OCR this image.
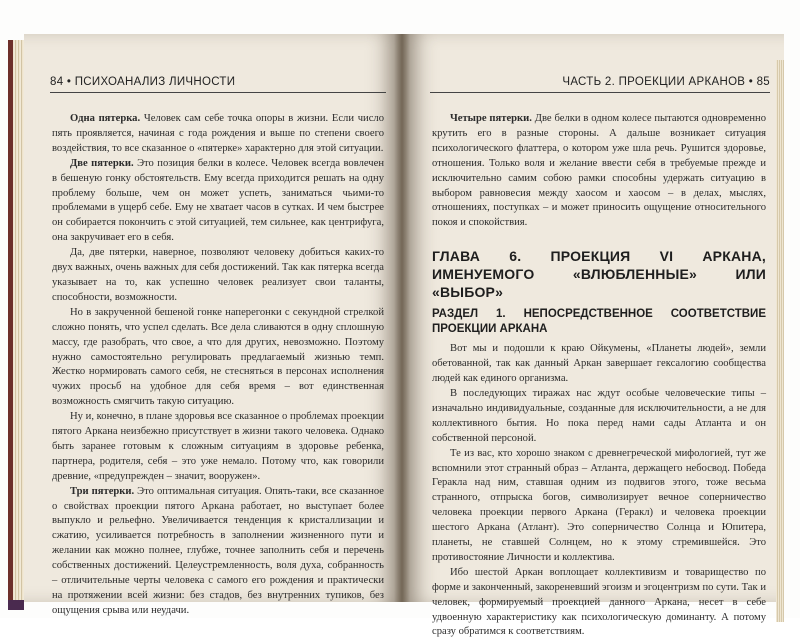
84 • ПСИХОАНАЛИЗ ЛИЧНОСТИ

Одна пятерка. Человек сам себе точка опоры в жизни. Если число пять проявляется, начиная с года рождения и выше по степени своего воздействия, то все сказанное о «пятерке» характерно для этой ситуации.

Две пятерки. Это позиция белки в колесе. Человек всегда вовлечен в бешеную гонку обстоятельств. Ему всегда приходится решать на одну проблему больше, чем он может успеть, заниматься чьими-то проблемами в ущерб себе. Ему не хватает часов в сутках. И чем быстрее он собирается покончить с этой ситуацией, тем сильнее, как центрифуга, она закручивает его в себя.

Да, две пятерки, наверное, позволяют человеку добиться каких-то двух важных, очень важных для себя достижений. Так как пятерка всегда указывает на то, как успешно человек реализует свои таланты, способности, возможности.

Но в закрученной бешеной гонке наперегонки с секундной стрелкой сложно понять, что успел сделать. Все дела сливаются в одну сплошную массу, где разобрать, что свое, а что для других, невозможно. Поэтому нужно самостоятельно регулировать предлагаемый жизнью темп. Жестко нормировать самого себя, не стесняться в персонах исполнения чужих просьб на удобное для себя время – вот единственная возможность смягчить такую ситуацию.

Ну и, конечно, в плане здоровья все сказанное о проблемах проекции пятого Аркана неизбежно присутствует в жизни такого человека. Однако быть заранее готовым к сложным ситуациям в здоровье ребенка, партнера, родителя, себя – это уже немало. Потому что, как говорили древние, «предупрежден – значит, вооружен».

Три пятерки. Это оптимальная ситуация. Опять-таки, все сказанное о свойствах проекции пятого Аркана работает, но выступает более выпукло и рельефно. Увеличивается тенденция к кристаллизации и сжатию, усиливается потребность в заполнении жизненного пути и желании как можно полнее, глубже, точнее заполнить себя и перечень собственных достижений. Целеустремленность, воля духа, собранность – отличительные черты человека с самого его рождения и практически на протяжении всей жизни: без стадов, без внутренних тупиков, без ощущения срыва или неудачи.

ЧАСТЬ 2. ПРОЕКЦИИ АРКАНОВ • 85

Четыре пятерки. Две белки в одном колесе пытаются одновременно крутить его в разные стороны. А дальше возникает ситуация психологического флаттера, о котором уже шла речь. Рушится здоровье, отношения. Только воля и желание ввести себя в требуемые прежде и исключительно самим собою рамки способны удержать ситуацию в выбором равновесия между хаосом и хаосом – в делах, мыслях, отношениях, поступках – и может приносить ощущение относительного покоя и спокойствия.

ГЛАВА 6. ПРОЕКЦИЯ VI АРКАНА, ИМЕНУЕМОГО «ВЛЮБЛЕННЫЕ» ИЛИ «ВЫБОР»
РАЗДЕЛ 1. НЕПОСРЕДСТВЕННОЕ СООТВЕТСТВИЕ ПРОЕКЦИИ АРКАНА

Вот мы и подошли к краю Ойкумены, «Планеты людей», земли обетованной, так как данный Аркан завершает гексалогию сообщества людей как единого организма.

В последующих тиражах нас ждут особые человеческие типы – изначально индивидуальные, созданные для исключительности, а не для коллективного бытия. Но пока перед нами сады Атланта и он собственной персоной.

Те из вас, кто хорошо знаком с древнегреческой мифологией, тут же вспомнили этот странный образ – Атланта, держащего небосвод. Победа Геракла над ним, ставшая одним из подвигов этого, тоже весьма странного, отпрыска богов, символизирует вечное соперничество человека проекции первого Аркана (Геракл) и человека проекции шестого Аркана (Атлант). Это соперничество Солнца и Юпитера, планеты, не ставшей Солнцем, но к этому стремившейся. Это противостояние Личности и коллектива.

Ибо шестой Аркан воплощает коллективизм и товарищество по форме и законченный, закореневший эгоизм и эгоцентризм по сути. Так и человек, формируемый проекцией данного Аркана, несет в себе удвоенную характеристику как психологическую доминанту. А потому сразу обратимся к соответствиям.
